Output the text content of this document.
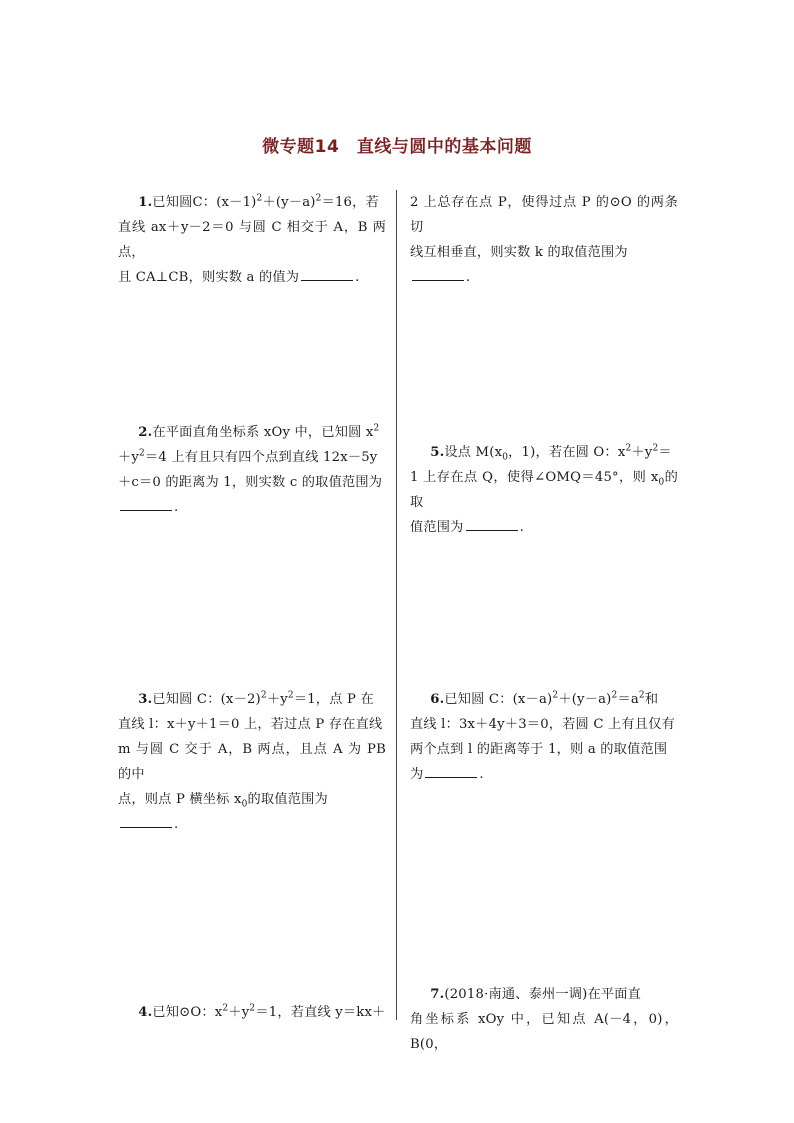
微专题14　直线与圆中的基本问题
  1.已知圆C：$(x-1)^2+(y-a)^2=16$，若
直线 ax＋y－2＝0 与圆 C 相交于 A，B 两点，
且 CA⊥CB，则实数 a 的值为	.
  2.在平面直角坐标系 xOy 中，已知圆 $x^2$
$+y^2=4$ 上有且只有四个点到直线 12x－5y
＋c＝0 的距离为 1，则实数 c 的取值范围为
.
  3.已知圆 C：$(x-2)^2+y^2=1$，点 P 在
直线 l：x＋y＋1＝0 上，若过点 P 存在直线
m 与圆 C 交于 A，B 两点，且点 A 为 PB 的中
点，则点 P 横坐标 $x_0$的取值范围为
.
  4.已知⊙O：$x^2+y^2=1$，若直线 y＝kx＋
2 上总存在点 P，使得过点 P 的⊙O 的两条切
线互相垂直，则实数 k 的取值范围为
.
  5.设点 $M(x_0$，1)，若在圆 O：$x^2+y^2=$
1 上存在点 Q，使得∠OMQ＝45°，则 $x_0$的取
值范围为	.
  6.已知圆 C：$(x-a)^2+(y-a)^2=a^2$和
直线 l：3x＋4y＋3＝0，若圆 C 上有且仅有
两个点到 l 的距离等于 1，则 a 的取值范围
为	.
  7.(2018·南通、泰州一调)在平面直
角坐标系 xOy 中，已知点 A(－4，0)，B(0，
